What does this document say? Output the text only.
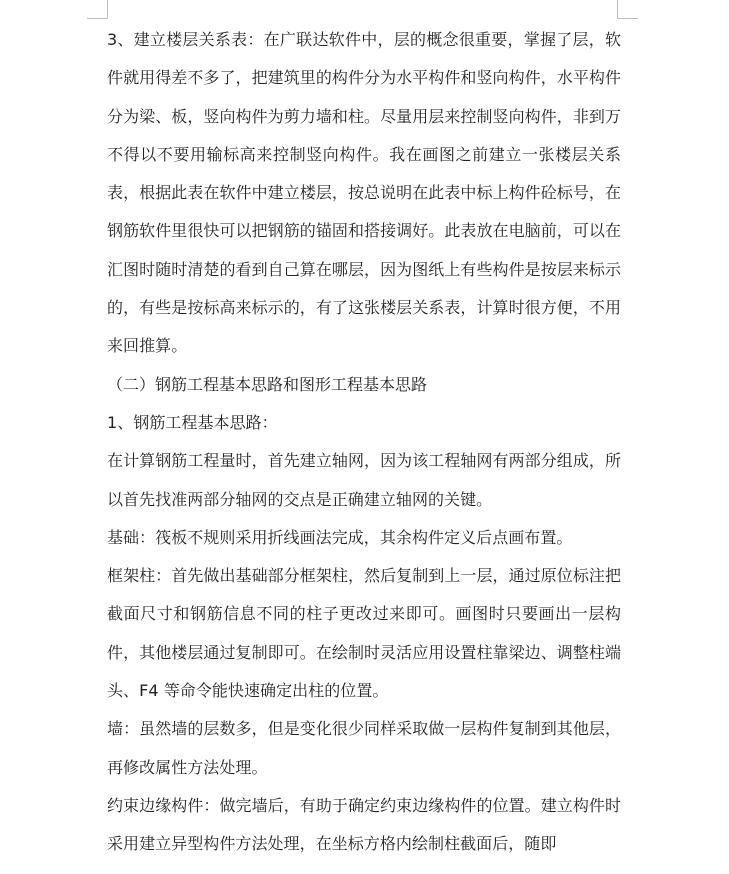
3、建立楼层关系表：在广联达软件中，层的概念很重要，掌握了层，软件就用得差不多了，把建筑里的构件分为水平构件和竖向构件，水平构件分为梁、板，竖向构件为剪力墙和柱。尽量用层来控制竖向构件，非到万不得以不要用输标高来控制竖向构件。我在画图之前建立一张楼层关系表，根据此表在软件中建立楼层，按总说明在此表中标上构件砼标号，在钢筋软件里很快可以把钢筋的锚固和搭接调好。此表放在电脑前，可以在汇图时随时清楚的看到自己算在哪层，因为图纸上有些构件是按层来标示的，有些是按标高来标示的，有了这张楼层关系表，计算时很方便，不用来回推算。

（二）钢筋工程基本思路和图形工程基本思路

1、钢筋工程基本思路：

在计算钢筋工程量时，首先建立轴网，因为该工程轴网有两部分组成，所以首先找准两部分轴网的交点是正确建立轴网的关键。

基础：筏板不规则采用折线画法完成，其余构件定义后点画布置。

框架柱：首先做出基础部分框架柱，然后复制到上一层，通过原位标注把截面尺寸和钢筋信息不同的柱子更改过来即可。画图时只要画出一层构件，其他楼层通过复制即可。在绘制时灵活应用设置柱靠梁边、调整柱端头、F4 等命令能快速确定出柱的位置。

墙：虽然墙的层数多，但是变化很少同样采取做一层构件复制到其他层，再修改属性方法处理。

约束边缘构件：做完墙后，有助于确定约束边缘构件的位置。建立构件时采用建立异型构件方法处理，在坐标方格内绘制柱截面后，随即
